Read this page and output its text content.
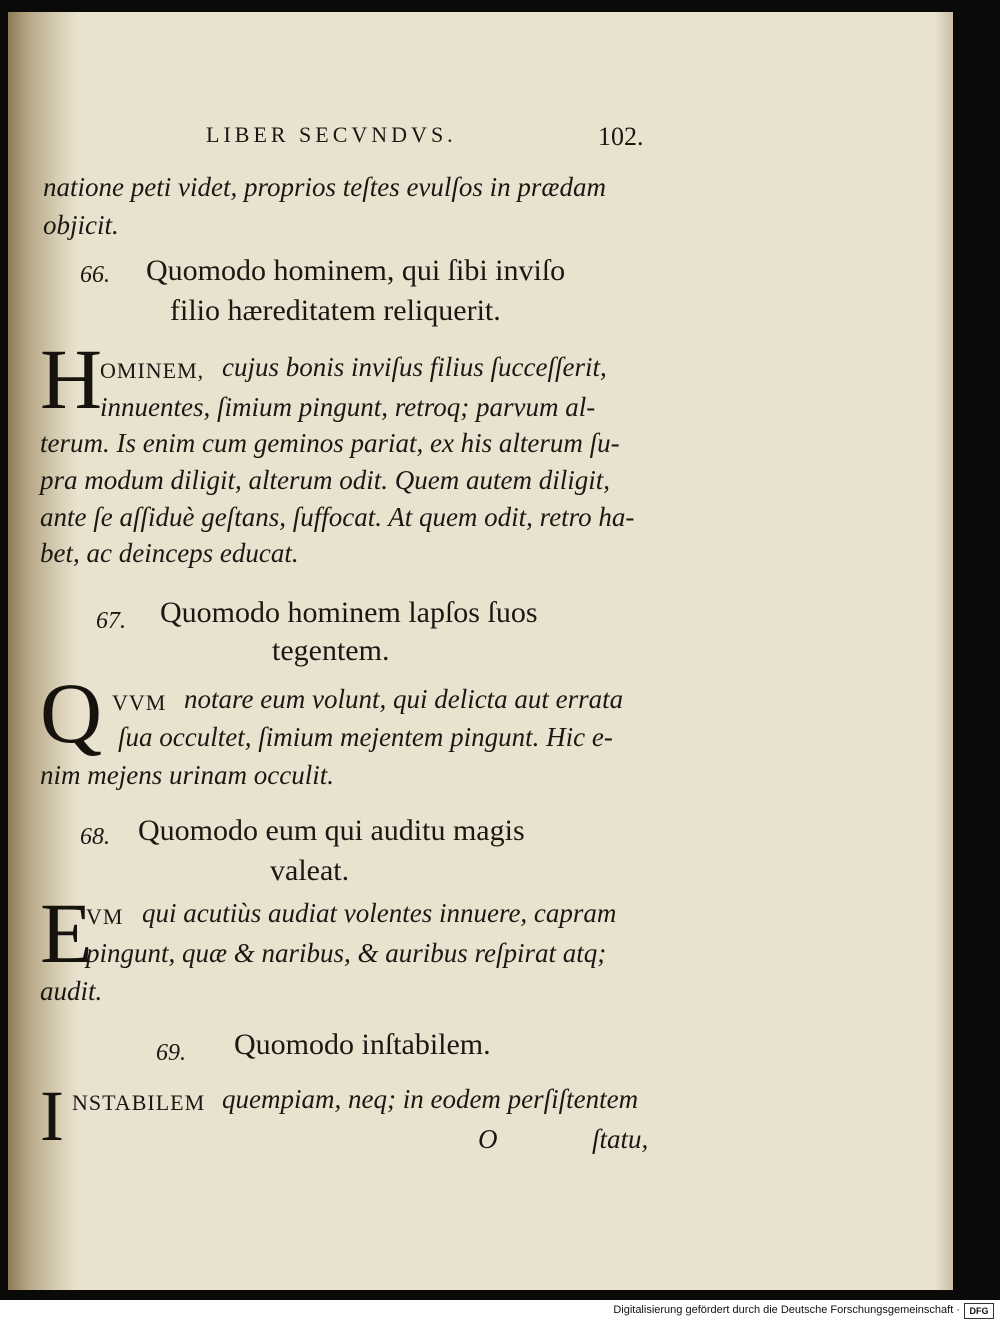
LIBER SECVNDVS.	102.
natione peti videt, proprios teſtes evulſos in prædam
objicit.
66. Quomodo hominem, qui ſibi inviſo
filio hæreditatem reliquerit.
H
OMINEM, cujus bonis inviſus filius ſucceſſerit,
innuentes, ſimium pingunt, retroq; parvum al-
terum. Is enim cum geminos pariat, ex his alterum ſu-
pra modum diligit, alterum odit. Quem autem diligit,
ante ſe aſſiduè geſtans, ſuffocat. At quem odit, retro ha-
bet, ac deinceps educat.
67. Quomodo hominem lapſos ſuos
tegentem.
Q VVM notare eum volunt, qui delicta aut errata
ſua occultet, ſimium mejentem pingunt. Hic e-
nim mejens urinam occulit.
68. Quomodo eum qui auditu magis
valeat.
E
VM qui acutiùs audiat volentes innuere, capram
pingunt, quæ & naribus, & auribus reſpirat atq;
audit.
69. Quomodo inſtabilem.
I NSTABILEM quempiam, neq; in eodem perſiſtentem
O	ſtatu,
Digitalisierung gefördert durch die Deutsche Forschungsgemeinschaft ·	DFG
